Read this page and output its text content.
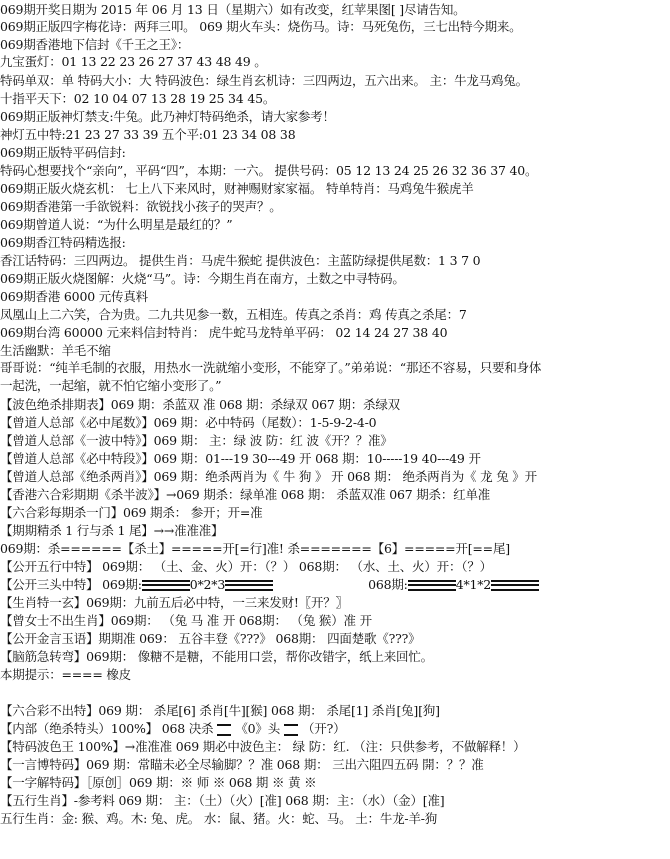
069期开奖日期为 2015 年 06 月 13 日（星期六）如有改变，红苹果图[ ]尽请告知。
069期正版四字梅花诗：两拜三叩。 069 期火车头：烧伤马。诗：马死兔伤，三七出特今期来。
069期香港地下信封《千王之王》：
九宝蛋灯：01 13 22 23 26 27 37 43 48 49 。
特码单双：单 特码大小：大 特码波色：绿生肖玄机诗：三四两边，五六出来。 主：牛龙马鸡兔。
十指平天下：02 10 04 07 13 28 19 25 34 45。
069期正版神灯禁支:牛兔。此乃神灯特码绝杀，请大家参考！
神灯五中特:21 23 27 33 39 五个平:01 23 34 08 38
069期正版特平码信封:
特码心想要找个“亲向”，平码“四”，本期：一六。 提供号码：05 12 13 24 25 26 32 36 37 40。
069期正版火烧玄机： 七上八下来风时，财神赐财家家福。 特单特肖：马鸡兔牛猴虎羊
069期香港第一手欲锐料：欲锐找小孩子的哭声？。
069期曾道人说：“为什么明星是最红的？”
069期香江特码精选报:
香江话特码：三四两边。 提供生肖：马虎牛猴蛇 提供波色：主蓝防绿提供尾数：1 3 7 0
069期正版火烧图解：火烧“马”。诗：今期生肖在南方，土数之中寻特码。
069期香港 6000 元传真料
凤凰山上二六笑，合为贵。二九共见参一数，五相连。传真之杀肖：鸡 传真之杀尾：7
069期台湾 60000 元来料信封特肖： 虎牛蛇马龙特单平码： 02 14 24 27 38 40
生活幽默：羊毛不缩
哥哥说：“纯羊毛制的衣服，用热水一洗就缩小变形，不能穿了。”弟弟说：“那还不容易，只要和身体
一起洗，一起缩，就不怕它缩小变形了。”
【波色绝杀排期表】069 期：杀蓝双 准 068 期：杀绿双 067 期：杀绿双
【曾道人总部《必中尾数》】069 期：必中特码（尾数）：1-5-9-2-4-0
【曾道人总部《一波中特》】069 期： 主：绿 波 防：红 波《开？？准》
【曾道人总部《必中特段》】069 期：01---19 30---49 开 068 期：10-----19 40---49 开
【曾道人总部《绝杀两肖》】069 期：绝杀两肖为《 牛 狗 》 开 068 期： 绝杀两肖为《 龙 兔 》开
【香港六合彩期期《杀半波》】→069 期杀：绿单准 068 期： 杀蓝双准 067 期杀：红单准
【六合彩每期杀一门】069 期杀： 参开；开=准
【期期精杀 1 行与杀 1 尾】→→准准准】
069期：杀======【杀土】=====开[=行]准! 杀=======【6】=====开[==尾]
【公开五行中特】 069期： （土、金、火）开：（？） 068期： （水、土、火）开：（？）
【公开三头中特】 069期:	0*2*3	068期:	4*1*2
【生肖特一玄】069期：九前五后必中特，一三来发财!〖开？〗
【曾女士不出生肖】069期： （兔 马 准 开 068期： （兔 猴）准 开
【公开金言玉语】期期准 069： 五谷丰登《???》 068期： 四面楚歌《???》
【脑筋急转弯】069期： 像糖不是糖，不能用口尝，帮你改错字，纸上来回忙。
本期提示：==== 橡皮
【六合彩不出特】069 期： 杀尾[6] 杀肖[牛][猴] 068 期： 杀尾[1] 杀肖[兔][狗]
【内部（绝杀特头）100%】 068 决杀 《0》头 （开?）
【特码波色王 100%】→准准准 069 期必中波色主： 绿 防：红. （注：只供参考，不做解释！）
【一言博特码】069 期：常瞄未必全尽输脚？？准 068 期： 三出六阻四五码 開：？？准
【一字解特码】［原创］069 期：※ 师 ※ 068 期 ※ 黄 ※
【五行生肖】-参考料 069 期： 主：（土）（火）[准] 068 期：主：（水）（金）[准]
五行生肖：金: 猴、鸡。木: 兔、虎。 水：鼠、猪。火：蛇、马。 土：牛龙-羊-狗
